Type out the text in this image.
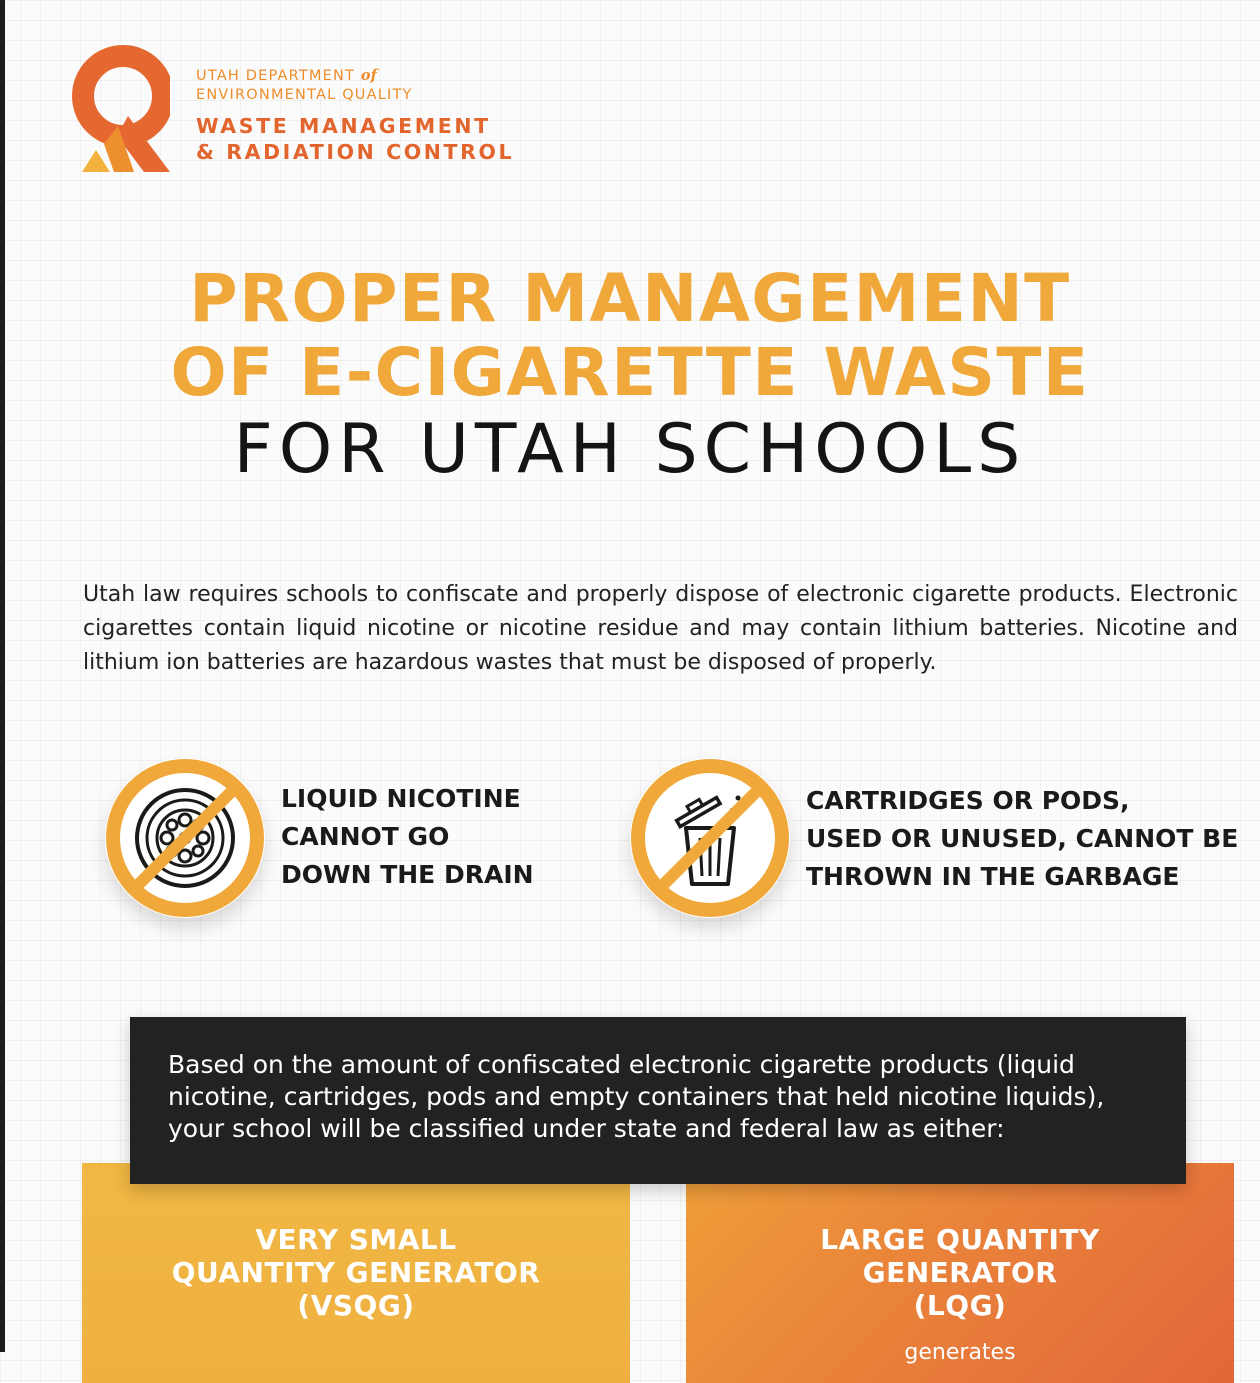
UTAH DEPARTMENT of
ENVIRONMENTAL QUALITY
WASTE MANAGEMENT
& RADIATION CONTROL
PROPER MANAGEMENT
OF E-CIGARETTE WASTE
FOR UTAH SCHOOLS
Utah law requires schools to confiscate and properly dispose of electronic cigarette products. Electronic cigarettes contain liquid nicotine or nicotine residue and may contain lithium batteries. Nicotine and lithium ion batteries are hazardous wastes that must be disposed of properly.
LIQUID NICOTINE
CANNOT GO
DOWN THE DRAIN
CARTRIDGES OR PODS,
USED OR UNUSED, CANNOT BE
THROWN IN THE GARBAGE
Based on the amount of confiscated electronic cigarette products (liquid nicotine, cartridges, pods and empty containers that held nicotine liquids), your school will be classified under state and federal law as either:
VERY SMALL
QUANTITY GENERATOR
(VSQG)
LARGE QUANTITY
GENERATOR
(LQG)
generates
